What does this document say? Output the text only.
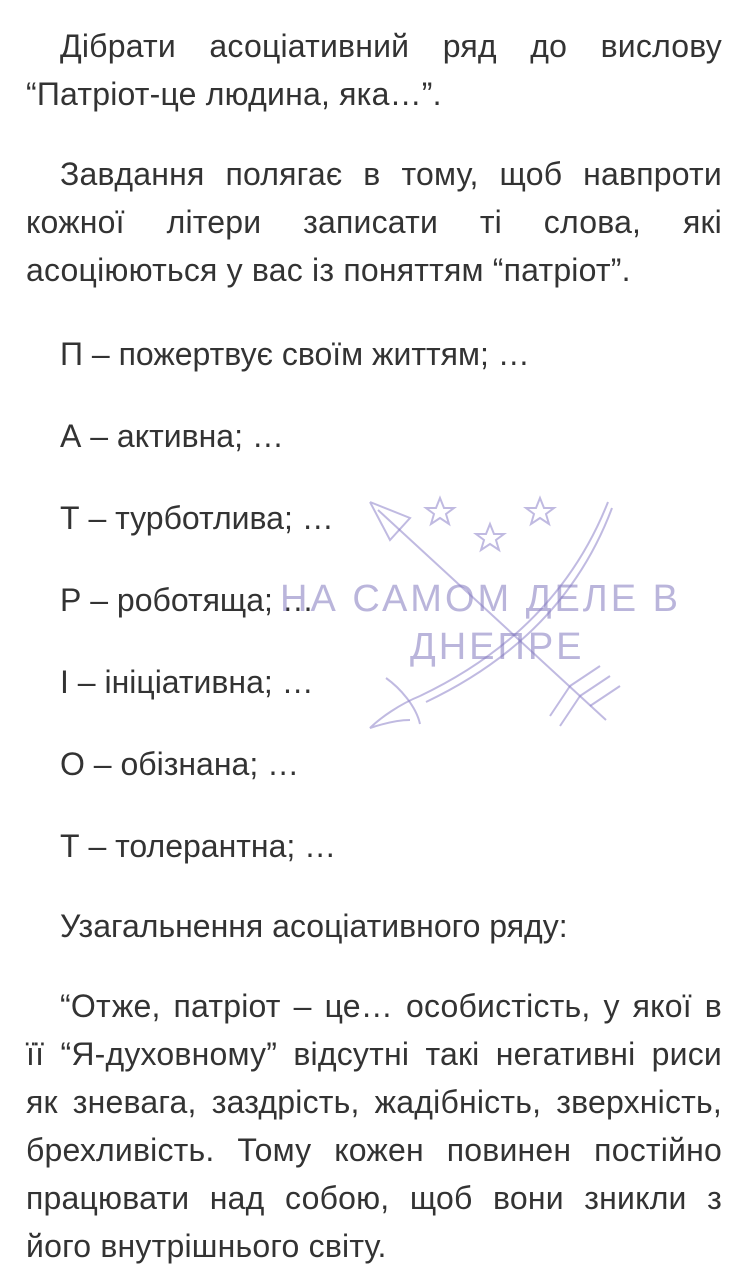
Дібрати асоціативний ряд до вислову “Патріот-це людина, яка…”.

Завдання полягає в тому, щоб навпроти кожної літери записати ті слова, які асоціюються у вас із поняттям “патріот”.

П – пожертвує своїм життям; …

А – активна; …

Т – турботлива; …

Р – роботяща; …

І – ініціативна; …

О – обізнана; …

Т – толерантна; …

Узагальнення асоціативного ряду:

“Отже, патріот – це… особистість, у якої в її “Я-духовному” відсутні такі негативні риси як зневага, заздрість, жадібність, зверхність, брехливість. Тому кожен повинен постійно працювати над собою, щоб вони зникли з його внутрішнього світу.

НА САМОМ ДЕЛЕ В
ДНЕПРЕ
